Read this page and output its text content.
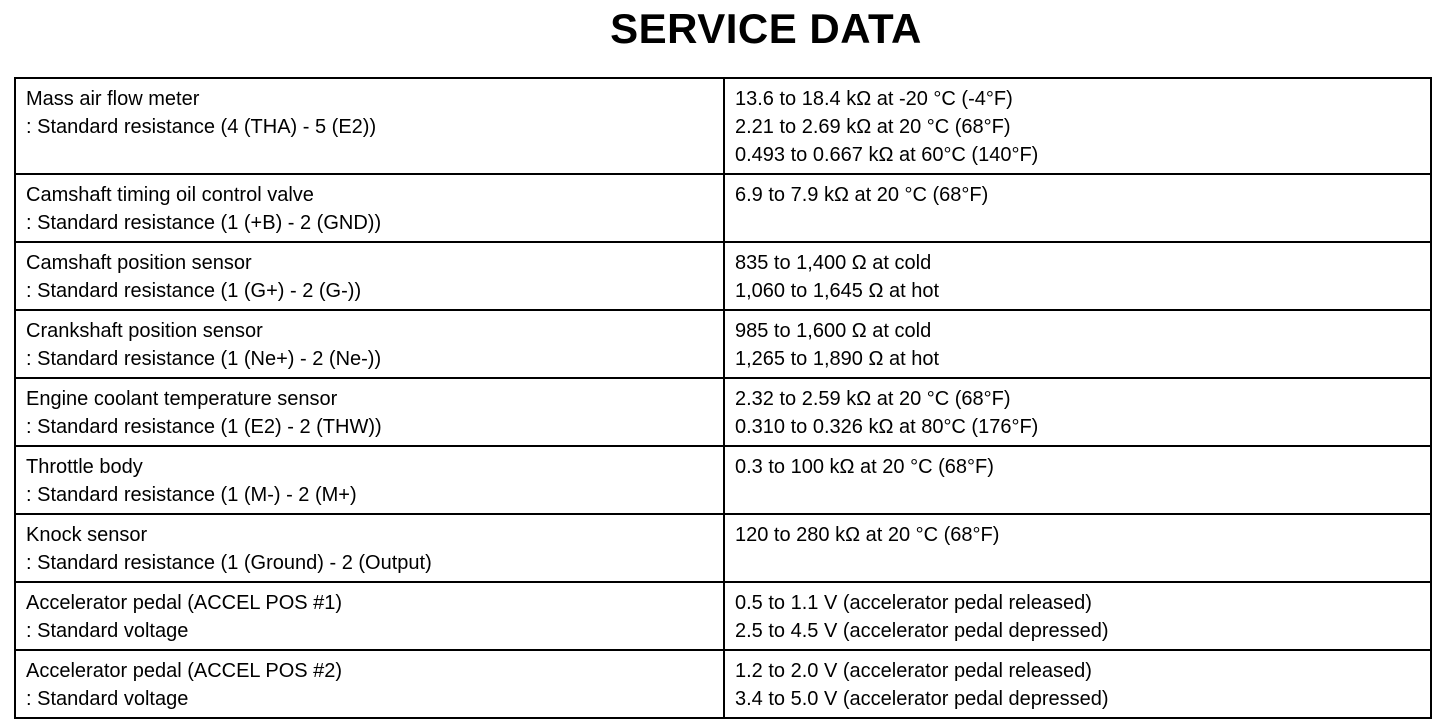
SERVICE DATA
Mass air flow meter
: Standard resistance (4 (THA) - 5 (E2))	13.6 to 18.4 kΩ at -20 °C (-4°F)
2.21 to 2.69 kΩ at 20 °C (68°F)
0.493 to 0.667 kΩ at 60°C (140°F)

Camshaft timing oil control valve
: Standard resistance (1 (+B) - 2 (GND))	6.9 to 7.9 kΩ at 20 °C (68°F)

Camshaft position sensor
: Standard resistance (1 (G+) - 2 (G-))	835 to 1,400 Ω at cold
1,060 to 1,645 Ω at hot

Crankshaft position sensor
: Standard resistance (1 (Ne+) - 2 (Ne-))	985 to 1,600 Ω at cold
1,265 to 1,890 Ω at hot

Engine coolant temperature sensor
: Standard resistance (1 (E2) - 2 (THW))	2.32 to 2.59 kΩ at 20 °C (68°F)
0.310 to 0.326 kΩ at 80°C (176°F)

Throttle body
: Standard resistance (1 (M-) - 2 (M+)	0.3 to 100 kΩ at 20 °C (68°F)

Knock sensor
: Standard resistance (1 (Ground) - 2 (Output)	120 to 280 kΩ at 20 °C (68°F)

Accelerator pedal (ACCEL POS #1)
: Standard voltage	0.5 to 1.1 V (accelerator pedal released)
2.5 to 4.5 V (accelerator pedal depressed)

Accelerator pedal (ACCEL POS #2)
: Standard voltage	1.2 to 2.0 V (accelerator pedal released)
3.4 to 5.0 V (accelerator pedal depressed)
